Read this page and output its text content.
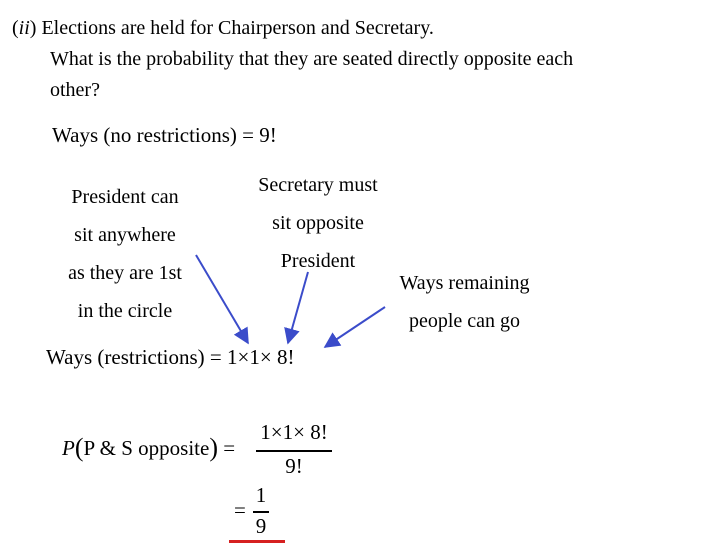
(ii) Elections are held for Chairperson and Secretary.
What is the probability that they are seated directly opposite each
other?
Ways (no restrictions) = 9!
President can
sit anywhere
as they are 1st
in the circle
Secretary must
sit opposite
President
Ways remaining
people can go
Ways (restrictions) = 1×1× 8!
P(P & S opposite) =
1×1× 8!
9!
=
1
9
